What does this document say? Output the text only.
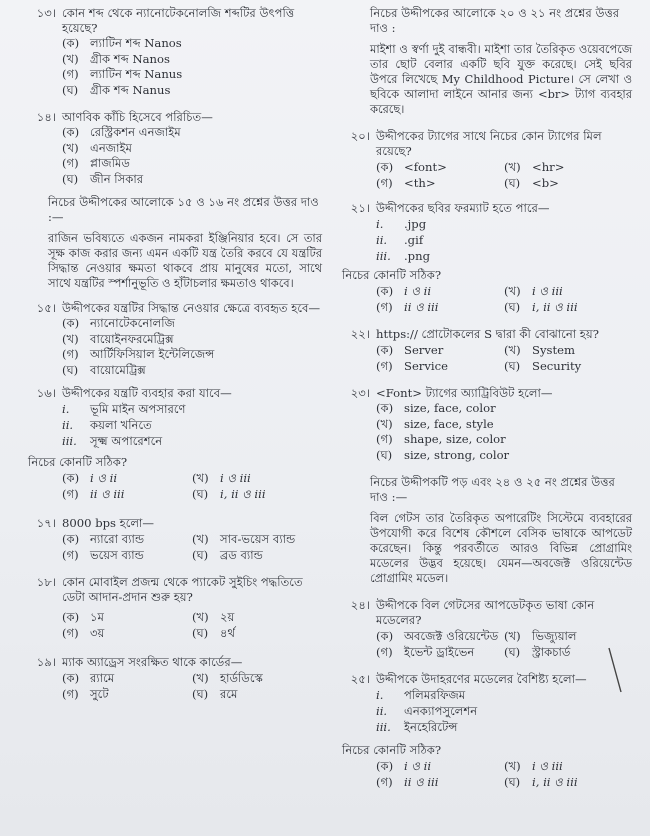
১৩। কোন শব্দ থেকে ন্যানোটেকনোলজি শব্দটির উৎপত্তি হয়েছে?
(ক) ল্যাটিন শব্দ Nanos
(খ) গ্রীক শব্দ Nanos
(গ) ল্যাটিন শব্দ Nanus
(ঘ)	গ্রীক শব্দ Nanus
১৪। আণবিক কাঁচি হিসেবে পরিচিত—
(ক) রেস্ট্রিকশন এনজাইম
(খ) এনজাইম
(গ) প্লাজমিড
(ঘ)	জীন সিকার
নিচের উদ্দীপকের আলোকে ১৫ ও ১৬ নং প্রশ্নের উত্তর দাও :—
রাজিন ভবিষ্যতে একজন নামকরা ইঞ্জিনিয়ার হবে। সে তার সূক্ষ কাজ করার জন্য এমন একটি যন্ত্র তৈরি করবে যে যন্ত্রটির সিদ্ধান্ত নেওয়ার ক্ষমতা থাকবে প্রায় মানুষের মতো, সাথে সাথে যন্ত্রটির স্পর্শানুভূতি ও হাঁটাচলার ক্ষমতাও থাকবে।
১৫। উদ্দীপকের যন্ত্রটির সিদ্ধান্ত নেওয়ার ক্ষেত্রে ব্যবহৃত হবে—
(ক) ন্যানোটেকনোলজি
(খ) বায়োইনফরমেট্রিক্স
(গ) আর্টিফিসিয়াল ইন্টেলিজেন্স
(ঘ)	বায়োমেট্রিক্স
১৬। উদ্দীপকের যন্ত্রটি ব্যবহার করা যাবে—
i.	ভূমি মাইন অপসারণে
ii.	কয়লা খনিতে
iii.	সূক্ষ্ম অপারেশনে
নিচের কোনটি সঠিক?
(ক) i ও ii	(খ) i ও iii
(গ) ii ও iii	(ঘ)	i, ii ও iii
১৭। 8000 bps হলো—
(ক) ন্যারো ব্যান্ড	(খ) সাব-ভয়েস ব্যান্ড
(গ) ভয়েস ব্যান্ড	(ঘ)	ব্রড ব্যান্ড
১৮। কোন মোবাইল প্রজন্ম থেকে প্যাকেট সুইচিং পদ্ধতিতে ডেটা আদান-প্রদান শুরু হয়?
(ক) ১ম	(খ) ২য়
(গ) ৩য়	(ঘ)	৪র্থ
১৯। ম্যাক অ্যাড্রেস সংরক্ষিত থাকে কার্ডের—
(ক) র‍্যামে	(খ) হার্ডডিস্কে
(গ) সুটে	(ঘ)	রমে
নিচের উদ্দীপকের আলোকে ২০ ও ২১ নং প্রশ্নের উত্তর দাও :
মাইশা ও স্বর্ণা দুই বান্ধবী। মাইশা তার তৈরিকৃত ওয়েবপেজে তার ছোট বেলার একটি ছবি যুক্ত করেছে। সেই ছবির উপরে লিখেছে My Childhood Picture। সে লেখা ও ছবিকে আলাদা লাইনে আনার জন্য <br> ট্যাগ ব্যবহার করেছে।
২০। উদ্দীপকের ট্যাগের সাথে নিচের কোন ট্যাগের মিল রয়েছে?
(ক) <font>	(খ) <hr>
(গ) <th>	(ঘ)	<b>
২১। উদ্দীপকের ছবির ফরম্যাট হতে পারে—
i.	.jpg
ii.	.gif
iii.	.png
নিচের কোনটি সঠিক?
(ক) i ও ii	(খ) i ও iii
(গ) ii ও iii	(ঘ)	i, ii ও iii
২২। https:// প্রোটোকলের S দ্বারা কী বোঝানো হয়?
(ক) Server	(খ) System
(গ) Service	(ঘ)	Security
২৩। <Font> ট্যাগের অ্যাট্রিবিউট হলো—
(ক) size, face, color
(খ) size, face, style
(গ) shape, size, color
(ঘ)	size, strong, color
নিচের উদ্দীপকটি পড় এবং ২৪ ও ২৫ নং প্রশ্নের উত্তর দাও :—
বিল গেটস তার তৈরিকৃত অপারেটিং সিস্টেমে ব্যবহারের উপযোগী করে বিশেষ কৌশলে বেসিক ভাষাকে আপডেট করেছেন। কিন্তু পরবর্তীতে আরও বিভিন্ন প্রোগ্রামিং মডেলের উদ্ভব হয়েছে। যেমন—অবজেক্ট ওরিয়েন্টেড প্রোগ্রামিং মডেল।
২৪। উদ্দীপকে বিল গেটসের আপডেটকৃত ভাষা কোন মডেলের?
(ক) অবজেক্ট ওরিয়েন্টেড (খ) ভিজ্যুয়াল
(গ) ইভেন্ট ড্রাইভেন	(ঘ)	স্ট্রাকচার্ড
২৫। উদ্দীপকে উদাহরণের মডেলের বৈশিষ্ট্য হলো—
i.	পলিমরফিজম
ii.	এনক্যাপসুলেশন
iii.	ইনহেরিটেন্স
নিচের কোনটি সঠিক?
(ক) i ও ii	(খ) i ও iii
(গ) ii ও iii	(ঘ)	i, ii ও iii
